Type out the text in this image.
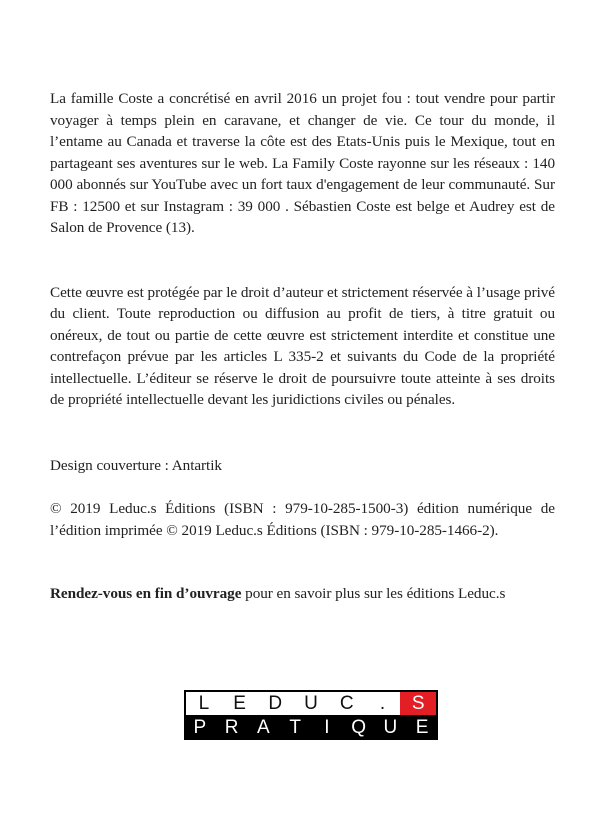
La famille Coste a concrétisé en avril 2016 un projet fou : tout vendre pour partir voyager à temps plein en caravane, et changer de vie. Ce tour du monde, il l’entame au Canada et traverse la côte est des Etats-Unis puis le Mexique, tout en partageant ses aventures sur le web. La Family Coste rayonne sur les réseaux : 140 000 abonnés sur YouTube avec un fort taux d'engagement de leur communauté. Sur FB : 12500 et sur Instagram : 39 000 . Sébastien Coste est belge et Audrey est de Salon de Provence (13).

Cette œuvre est protégée par le droit d’auteur et strictement réservée à l’usage privé du client. Toute reproduction ou diffusion au profit de tiers, à titre gratuit ou onéreux, de tout ou partie de cette œuvre est strictement interdite et constitue une contrefaçon prévue par les articles L 335-2 et suivants du Code de la propriété intellectuelle. L’éditeur se réserve le droit de poursuivre toute atteinte à ses droits de propriété intellectuelle devant les juridictions civiles ou pénales.

Design couverture : Antartik

© 2019 Leduc.s Éditions (ISBN : 979-10-285-1500-3) édition numérique de l’édition imprimée © 2019 Leduc.s Éditions (ISBN : 979-10-285-1466-2).

Rendez-vous en fin d’ouvrage pour en savoir plus sur les éditions Leduc.s

L	E	D	U	C	.	S
P R A	T	I	Q U E
